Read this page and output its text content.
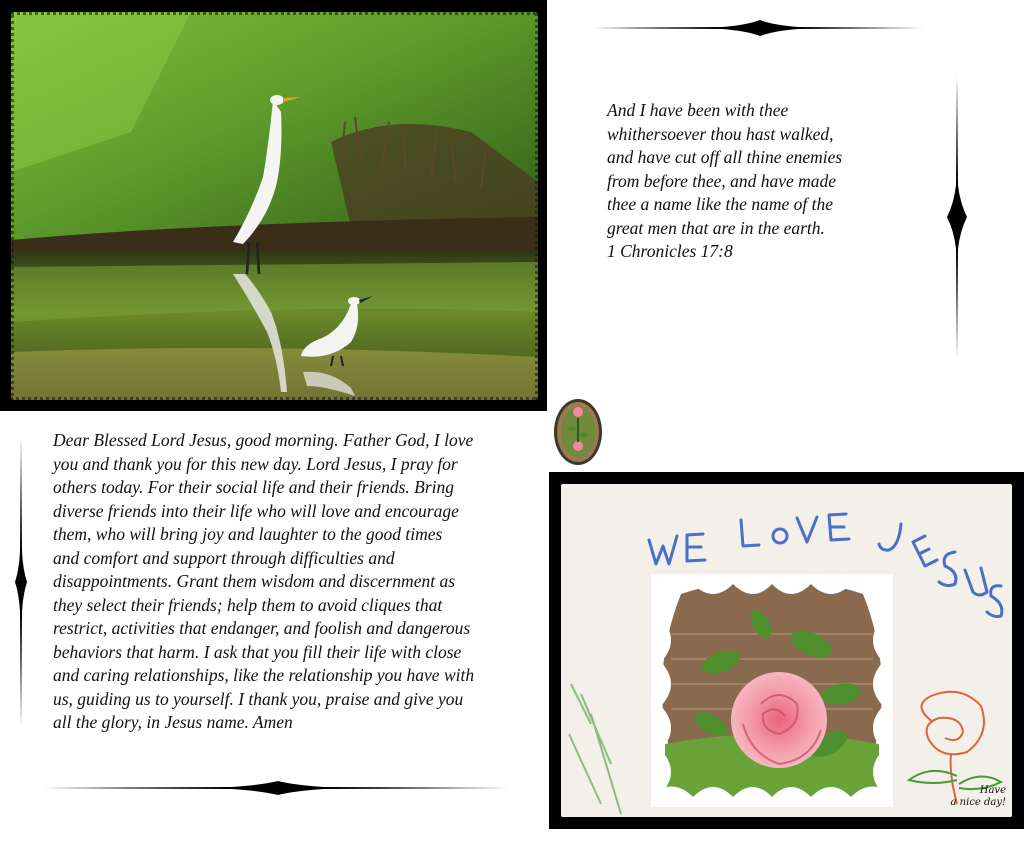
And I have been with thee
whithersoever thou hast walked,
and have cut off all thine enemies
from before thee, and have made
thee a name like the name of the
great men that are in the earth.
1 Chronicles 17:8
Dear Blessed Lord Jesus, good morning. Father God, I love
you and thank you for this new day. Lord Jesus, I pray for
others today. For their social life and their friends. Bring
diverse friends into their life who will love and encourage
them, who will bring joy and laughter to the good times
and comfort and support through difficulties and
disappointments. Grant them wisdom and discernment as
they select their friends; help them to avoid cliques that
restrict, activities that endanger, and foolish and dangerous
behaviors that harm. I ask that you fill their life with close
and caring relationships, like the relationship you have with
us, guiding us to yourself. I thank you, praise and give you
all the glory, in Jesus name. Amen
Have
a nice day!
